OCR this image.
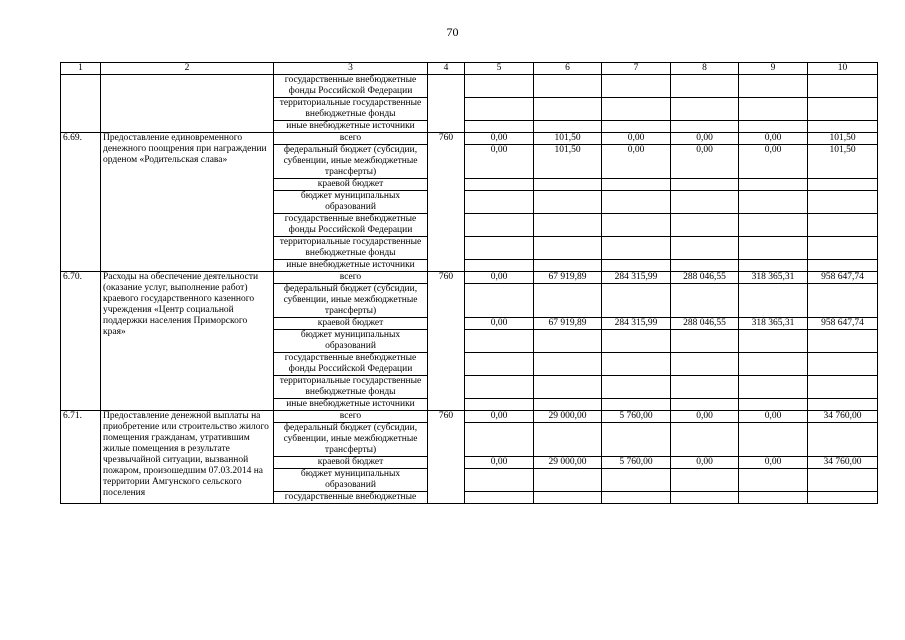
70
1	2	3	4	5	6	7	8	9	10
		государственные внебюджетные фонды Российской Федерации							
		территориальные государственные внебюджетные фонды							
		иные внебюджетные источники							
6.69.	Предоставление единовременного денежного поощрения при награждении орденом «Родительская слава»	всего	760	0,00	101,50	0,00	0,00	0,00	101,50
		федеральный бюджет (субсидии, субвенции, иные межбюджетные трансферты)		0,00	101,50	0,00	0,00	0,00	101,50
		краевой бюджет							
		бюджет муниципальных образований							
		государственные внебюджетные фонды Российской Федерации							
		территориальные государственные внебюджетные фонды							
		иные внебюджетные источники							
6.70.	Расходы на обеспечение деятельности (оказание услуг, выполнение работ) краевого государственного казенного учреждения «Центр социальной поддержки населения Приморского края»	всего	760	0,00	67 919,89	284 315,99	288 046,55	318 365,31	958 647,74
		федеральный бюджет (субсидии, субвенции, иные межбюджетные трансферты)							
		краевой бюджет		0,00	67 919,89	284 315,99	288 046,55	318 365,31	958 647,74
		бюджет муниципальных образований							
		государственные внебюджетные фонды Российской Федерации							
		территориальные государственные внебюджетные фонды							
		иные внебюджетные источники							
6.71.	Предоставление денежной выплаты на приобретение или строительство жилого помещения гражданам, утратившим жилые помещения в результате чрезвычайной ситуации, вызванной пожаром, произошедшим 07.03.2014 на территории Амгунского сельского поселения	всего	760	0,00	29 000,00	5 760,00	0,00	0,00	34 760,00
		федеральный бюджет (субсидии, субвенции, иные межбюджетные трансферты)							
		краевой бюджет		0,00	29 000,00	5 760,00	0,00	0,00	34 760,00
		бюджет муниципальных образований							
		государственные внебюджетные							
